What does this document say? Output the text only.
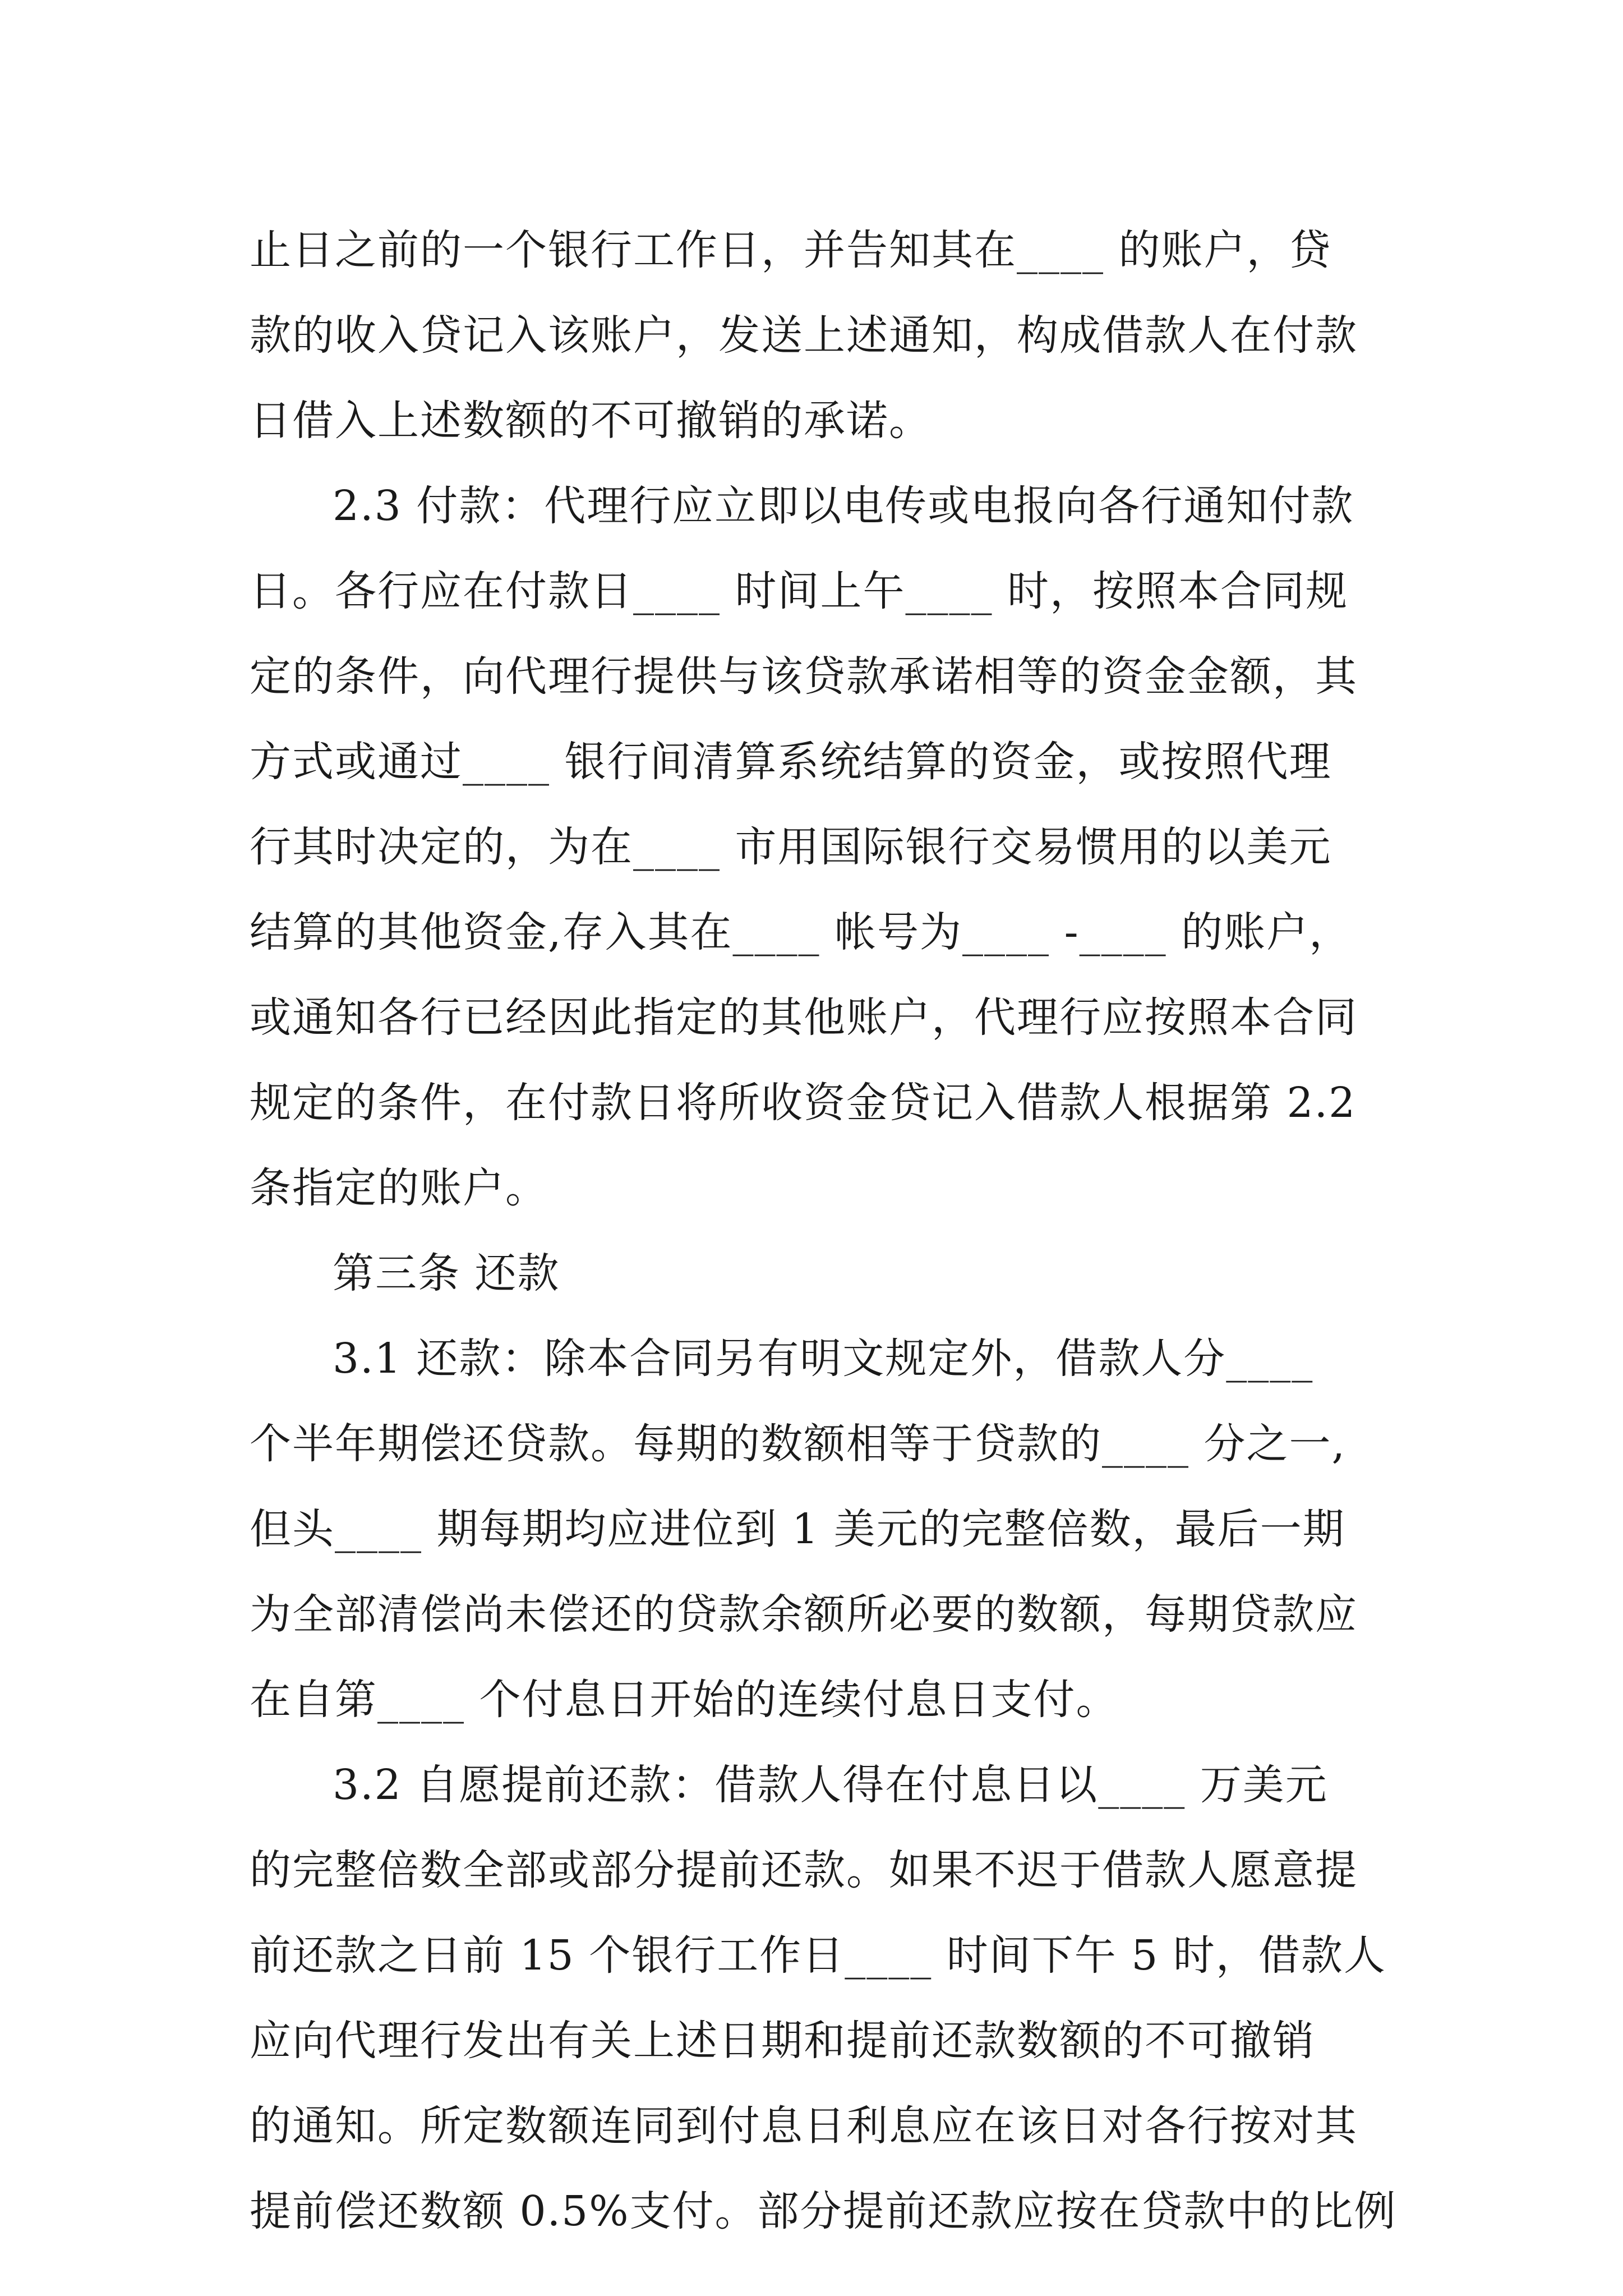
止日之前的一个银行工作日，并告知其在____ 的账户，贷
款的收入贷记入该账户，发送上述通知，构成借款人在付款
日借入上述数额的不可撤销的承诺。
2.3 付款：代理行应立即以电传或电报向各行通知付款
日。各行应在付款日____ 时间上午____ 时，按照本合同规
定的条件，向代理行提供与该贷款承诺相等的资金金额，其
方式或通过____ 银行间清算系统结算的资金，或按照代理
行其时决定的，为在____ 市用国际银行交易惯用的以美元
结算的其他资金,存入其在____ 帐号为____ -____ 的账户，
或通知各行已经因此指定的其他账户，代理行应按照本合同
规定的条件，在付款日将所收资金贷记入借款人根据第 2.2
条指定的账户。
第三条 还款
3.1 还款：除本合同另有明文规定外，借款人分____
个半年期偿还贷款。每期的数额相等于贷款的____ 分之一,
但头____ 期每期均应进位到 1 美元的完整倍数，最后一期
为全部清偿尚未偿还的贷款余额所必要的数额，每期贷款应
在自第____ 个付息日开始的连续付息日支付。
3.2 自愿提前还款：借款人得在付息日以____ 万美元
的完整倍数全部或部分提前还款。如果不迟于借款人愿意提
前还款之日前 15 个银行工作日____ 时间下午 5 时，借款人
应向代理行发出有关上述日期和提前还款数额的不可撤销
的通知。所定数额连同到付息日利息应在该日对各行按对其
提前偿还数额 0.5%支付。部分提前还款应按在贷款中的比例
